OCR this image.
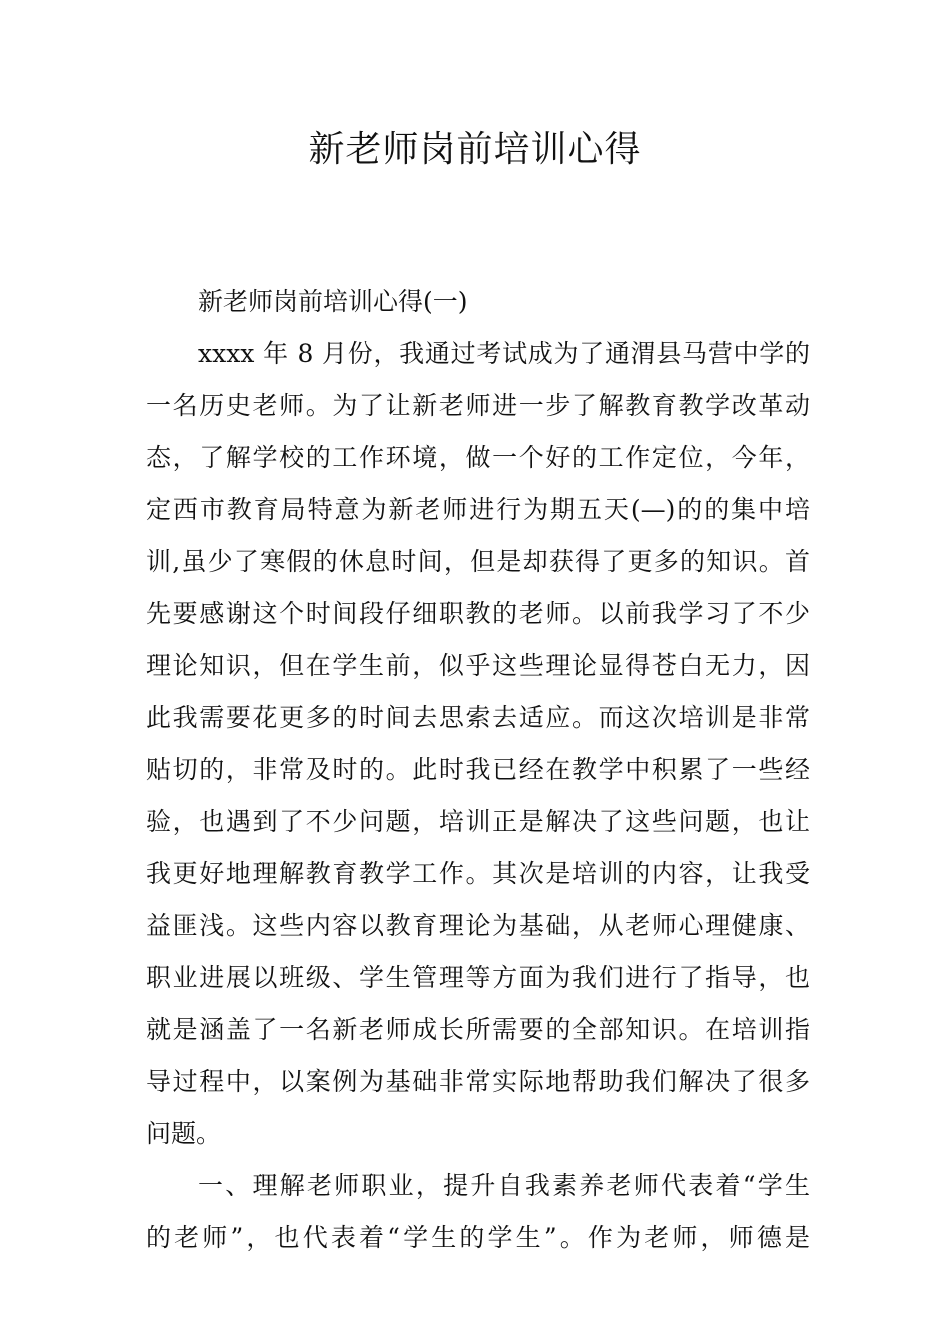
新老师岗前培训心得

新老师岗前培训心得(一)

xxxx 年 8 月份，我通过考试成为了通渭县马营中学的
一名历史老师。为了让新老师进一步了解教育教学改革动
态，了解学校的工作环境，做一个好的工作定位，今年，
定西市教育局特意为新老师进行为期五天(—)的的集中培
训,虽少了寒假的休息时间，但是却获得了更多的知识。首
先要感谢这个时间段仔细职教的老师。以前我学习了不少
理论知识，但在学生前，似乎这些理论显得苍白无力，因
此我需要花更多的时间去思索去适应。而这次培训是非常
贴切的，非常及时的。此时我已经在教学中积累了一些经
验，也遇到了不少问题，培训正是解决了这些问题，也让
我更好地理解教育教学工作。其次是培训的内容，让我受
益匪浅。这些内容以教育理论为基础，从老师心理健康、
职业进展以班级、学生管理等方面为我们进行了指导，也
就是涵盖了一名新老师成长所需要的全部知识。在培训指
导过程中，以案例为基础非常实际地帮助我们解决了很多
问题。
一、理解老师职业，提升自我素养老师代表着“学生
的老师”，也代表着“学生的学生”。作为老师，师德是
